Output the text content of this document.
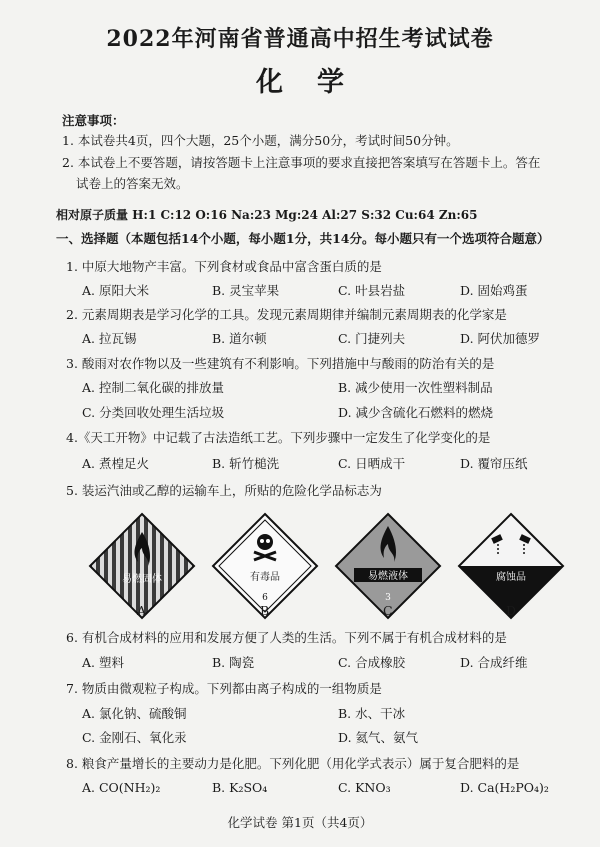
2022年河南省普通高中招生考试试卷
化学
注意事项：
1. 本试卷共4页，四个大题，25个小题，满分50分，考试时间50分钟。
2. 本试卷上不要答题，请按答题卡上注意事项的要求直接把答案填写在答题卡上。答在
试卷上的答案无效。
相对原子质量 H:1 C:12 O:16 Na:23 Mg:24 Al:27 S:32 Cu:64 Zn:65
一、选择题（本题包括14个小题，每小题1分，共14分。每小题只有一个选项符合题意）
1. 中原大地物产丰富。下列食材或食品中富含蛋白质的是
A. 原阳大米	B. 灵宝苹果	C. 叶县岩盐	D. 固始鸡蛋
2. 元素周期表是学习化学的工具。发现元素周期律并编制元素周期表的化学家是
A. 拉瓦锡	B. 道尔顿	C. 门捷列夫	D. 阿伏加德罗
3. 酸雨对农作物以及一些建筑有不利影响。下列措施中与酸雨的防治有关的是
A. 控制二氧化碳的排放量	B. 减少使用一次性塑料制品
C. 分类回收处理生活垃圾	D. 减少含硫化石燃料的燃烧
4.《天工开物》中记载了古法造纸工艺。下列步骤中一定发生了化学变化的是
A. 煮楻足火	B. 斩竹槌洗	C. 日晒成干	D. 覆帘压纸
5. 装运汽油或乙醇的运输车上，所贴的危险化学品标志为
易燃固体	有毒品
6
易燃液体
3
腐蚀品
A	B	C	D
6. 有机合成材料的应用和发展方便了人类的生活。下列不属于有机合成材料的是
A. 塑料	B. 陶瓷	C. 合成橡胶	D. 合成纤维
7. 物质由微观粒子构成。下列都由离子构成的一组物质是
A. 氯化钠、硫酸铜	B. 水、干冰
C. 金刚石、氧化汞	D. 氦气、氨气
8. 粮食产量增长的主要动力是化肥。下列化肥（用化学式表示）属于复合肥料的是
A. CO(NH₂)₂	B. K₂SO₄	C. KNO₃	D. Ca(H₂PO₄)₂
化学试卷 第1页（共4页）
